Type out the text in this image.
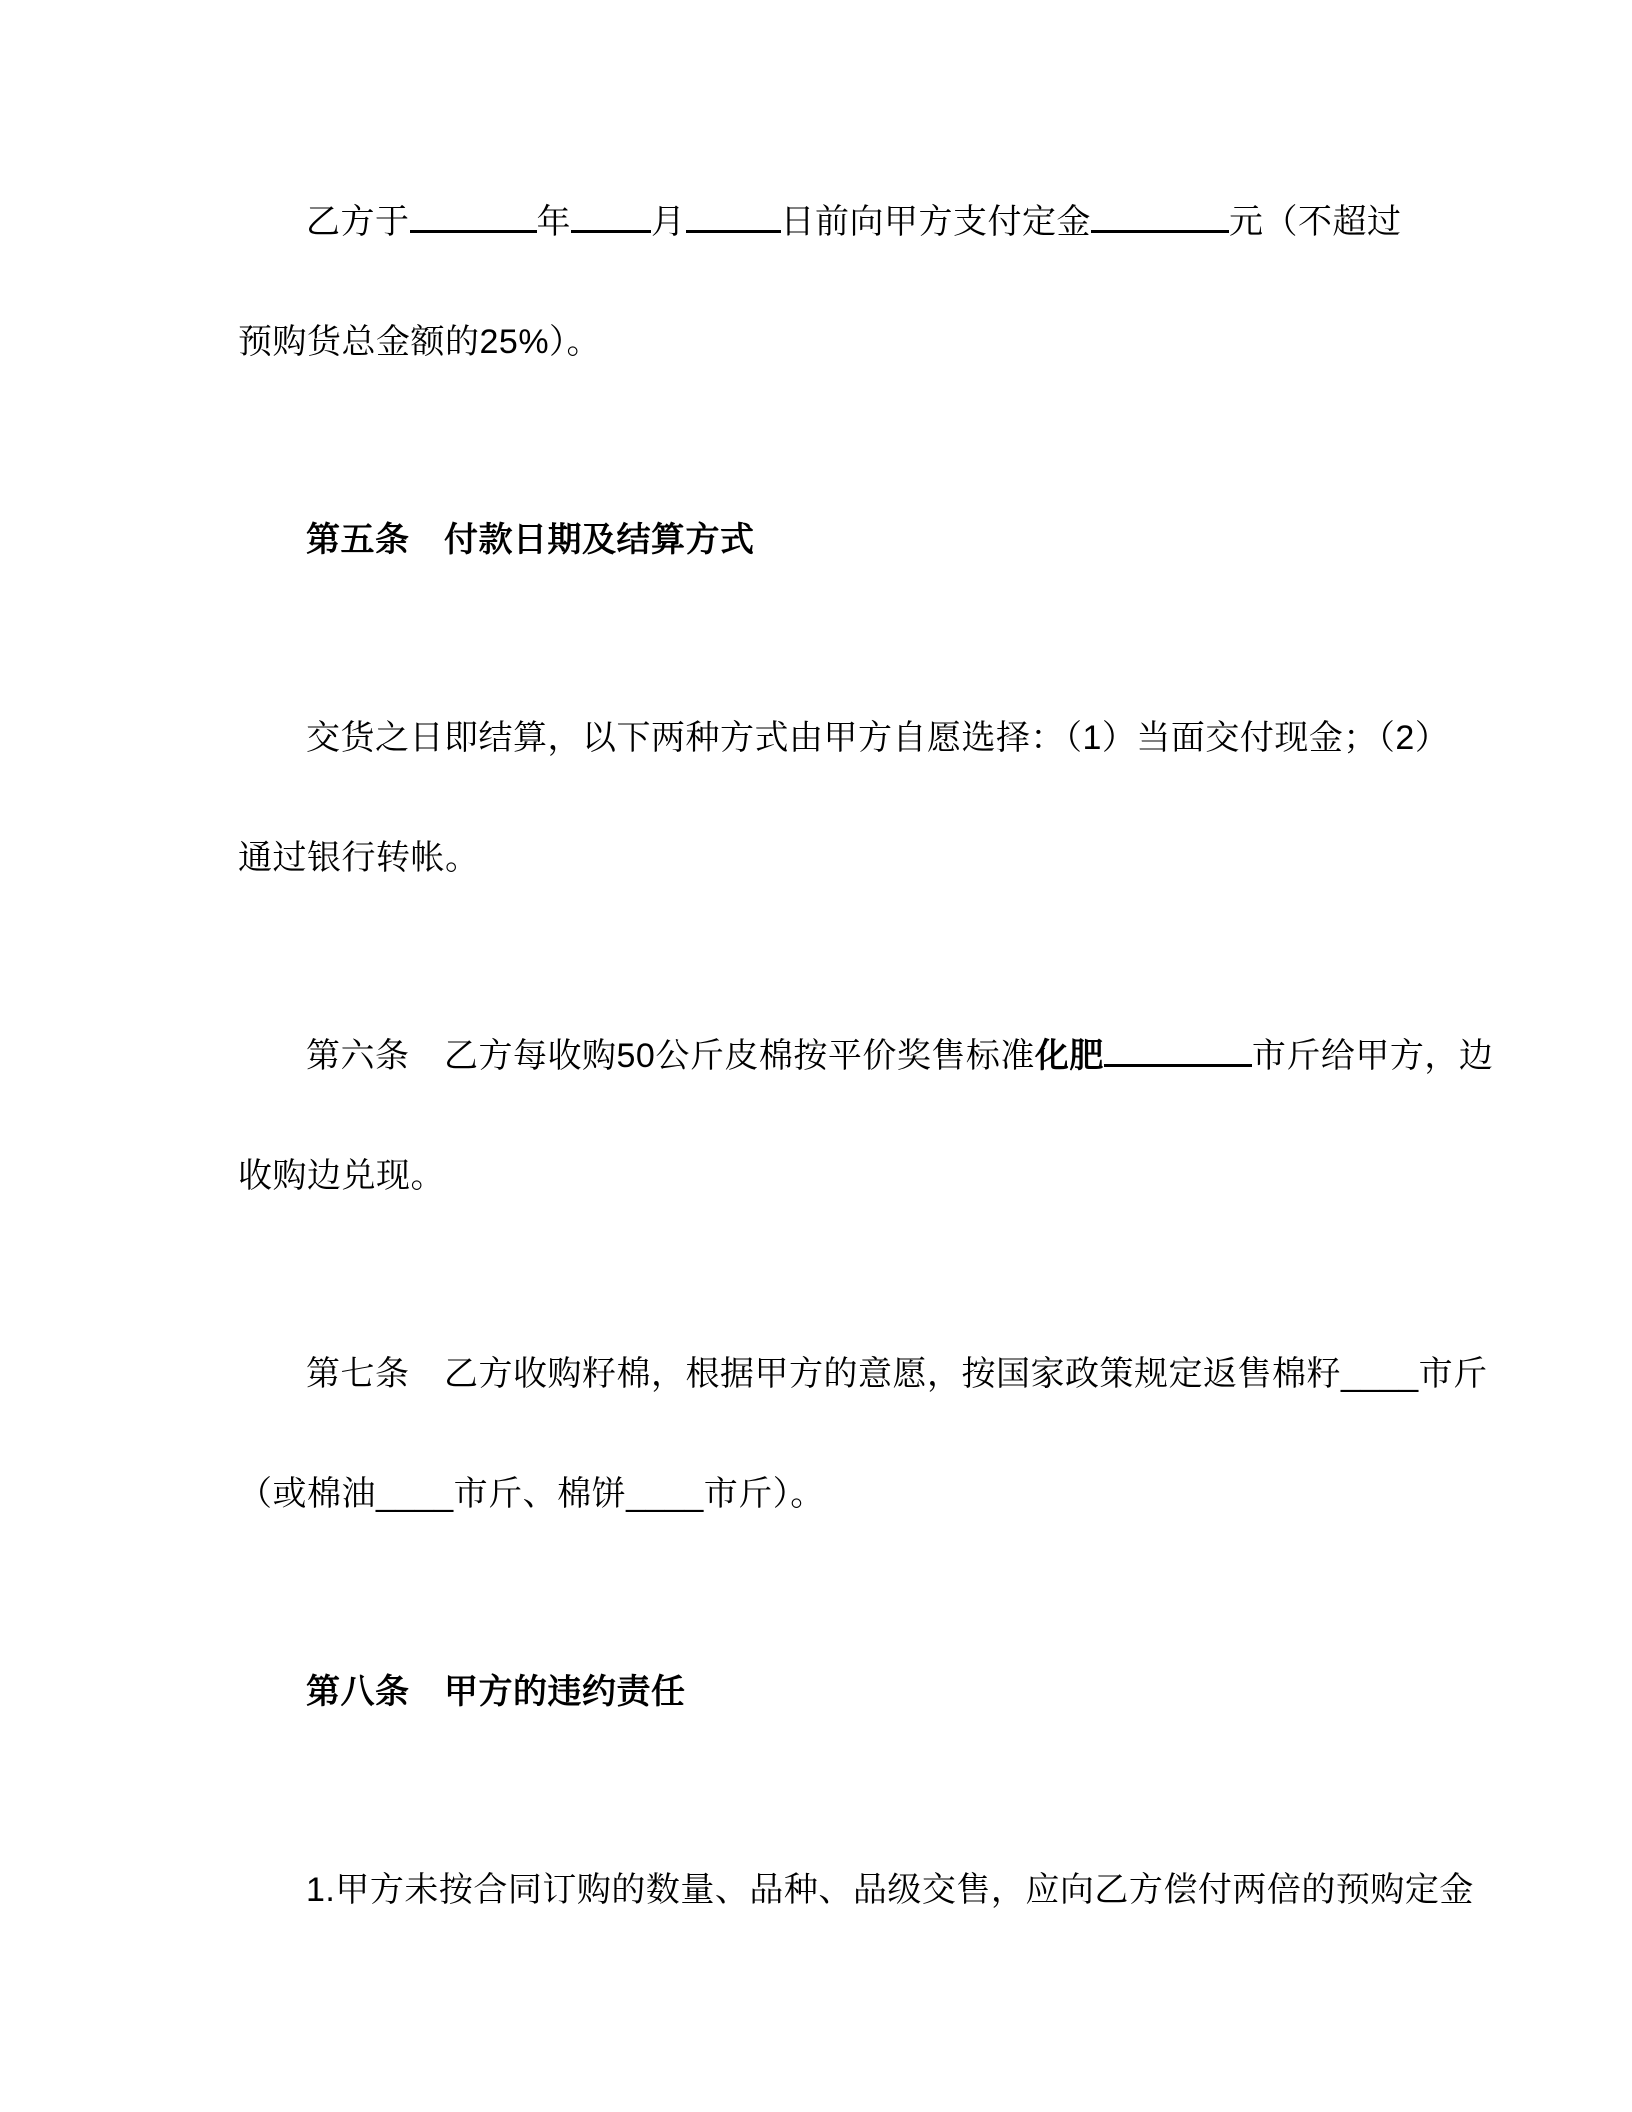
乙方于	年 月	日前向甲方支付定金	元（不超过
预购货总金额的25%）。
第五条　付款日期及结算方式
交货之日即结算，以下两种方式由甲方自愿选择：（1）当面交付现金；（2）
通过银行转帐。
第六条　乙方每收购50公斤皮棉按平价奖售标准化肥	市斤给甲方，边
收购边兑现。
第七条　乙方收购籽棉，根据甲方的意愿，按国家政策规定返售棉籽____市斤
（或棉油____市斤、棉饼____市斤）。
第八条　甲方的违约责任
1.甲方未按合同订购的数量、品种、品级交售，应向乙方偿付两倍的预购定金
